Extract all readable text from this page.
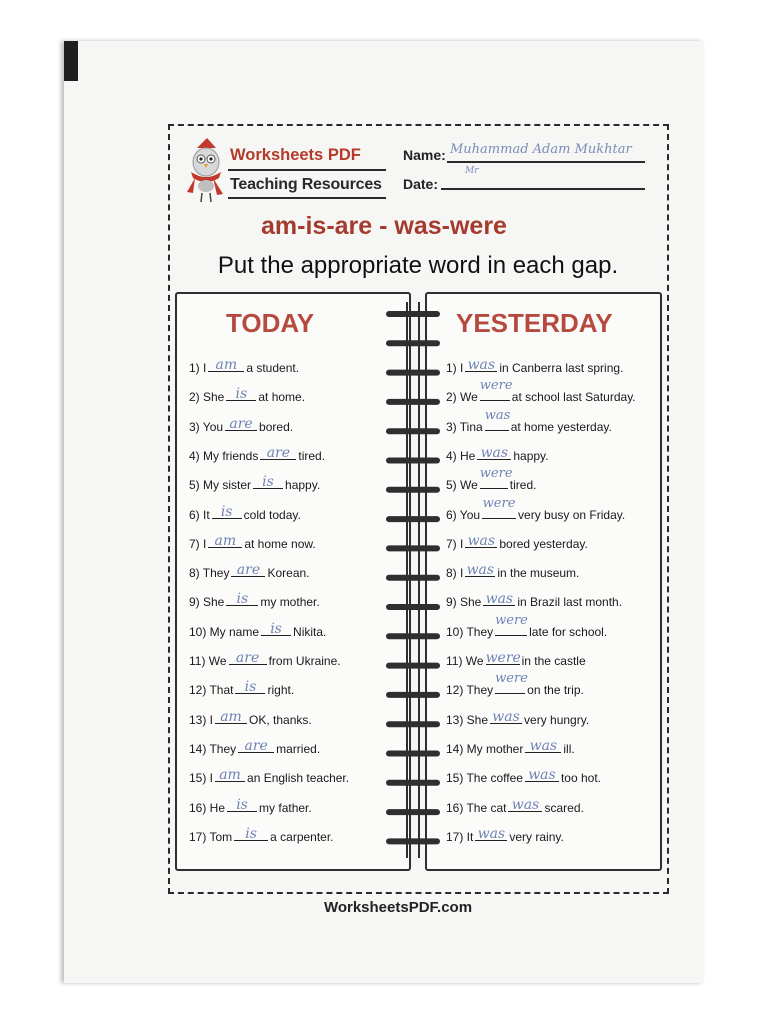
Worksheets PDF
Teaching Resources
Name: Muhammad Adam Mukhtar
Mr
Date:
am-is-are - was-were
Put the appropriate word in each gap.
TODAY	YESTERDAY
1) I am a student.
2) She is at home.
3) You are bored.
4) My friends are tired.
5) My sister is happy.
6) It is cold today.
7) I am at home now.
8) They are Korean.
9) She is	my mother.
10) My name is Nikita.
11) We are from Ukraine.
12) That is right.
13) I am OK, thanks.
14) They are married.
15) I am an English teacher.
16) He is my father.
17) Tom is	a carpenter.
1) I was in Canberra last spring.
2) We
were
at school last Saturday.
3) Tina
was
at home yesterday.
4) He was happy.
5) We
were
tired.
6) You
were
very busy on Friday.
7) I was bored yesterday.
8) I was in the museum.
9) She was in Brazil last month.
10) They
were
late for school.
11) We were in the castle
12) They
were
on the trip.
13) She was very hungry.
14) My mother was ill.
15) The coffee was too hot.
16) The cat was scared.
17) It was very rainy.
WorksheetsPDF.com
